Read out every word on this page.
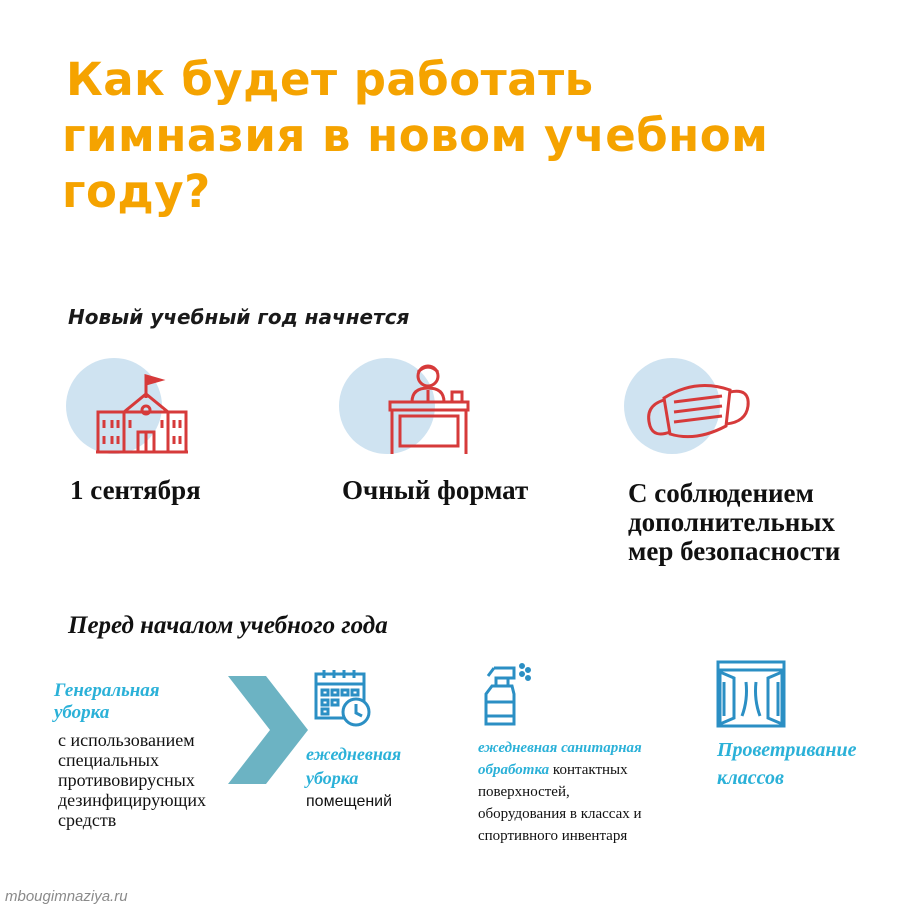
Как будет работать
гимназия в новом учебном
году?
Новый учебный год начнется
1 сентября	Очный формат	С соблюдением
дополнительных
мер безопасности
Перед началом учебного года
Генеральная
уборка
с использованием
специальных
противовирусных
дезинфицирующих
средств
ежедневная
уборка
помещений
ежедневная санитарная
обработка контактных
поверхностей,
оборудования в классах и
спортивного инвентаря
Проветривание
классов
mbougimnaziya.ru
